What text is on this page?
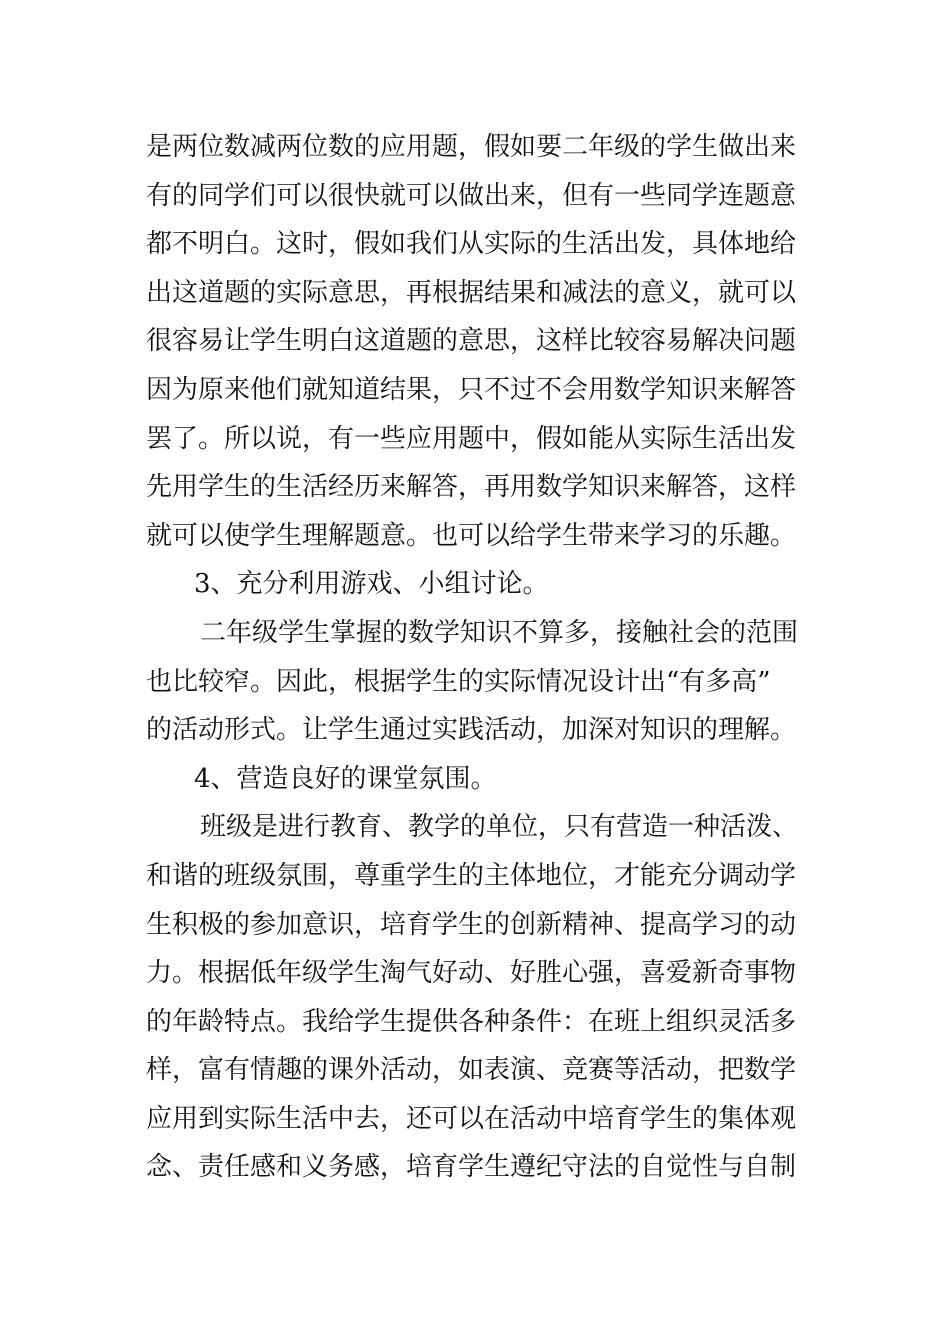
是两位数减两位数的应用题，假如要二年级的学生做出来
有的同学们可以很快就可以做出来，但有一些同学连题意
都不明白。这时，假如我们从实际的生活出发，具体地给
出这道题的实际意思，再根据结果和减法的意义，就可以
很容易让学生明白这道题的意思，这样比较容易解决问题
因为原来他们就知道结果，只不过不会用数学知识来解答
罢了。所以说，有一些应用题中，假如能从实际生活出发
先用学生的生活经历来解答，再用数学知识来解答，这样
就可以使学生理解题意。也可以给学生带来学习的乐趣。
3、充分利用游戏、小组讨论。
二年级学生掌握的数学知识不算多，接触社会的范围
也比较窄。因此，根据学生的实际情况设计出“有多高”
的活动形式。让学生通过实践活动，加深对知识的理解。
4、营造良好的课堂氛围。
班级是进行教育、教学的单位，只有营造一种活泼、
和谐的班级氛围，尊重学生的主体地位，才能充分调动学
生积极的参加意识，培育学生的创新精神、提高学习的动
力。根据低年级学生淘气好动、好胜心强，喜爱新奇事物
的年龄特点。我给学生提供各种条件：在班上组织灵活多
样，富有情趣的课外活动，如表演、竞赛等活动，把数学
应用到实际生活中去，还可以在活动中培育学生的集体观
念、责任感和义务感，培育学生遵纪守法的自觉性与自制
